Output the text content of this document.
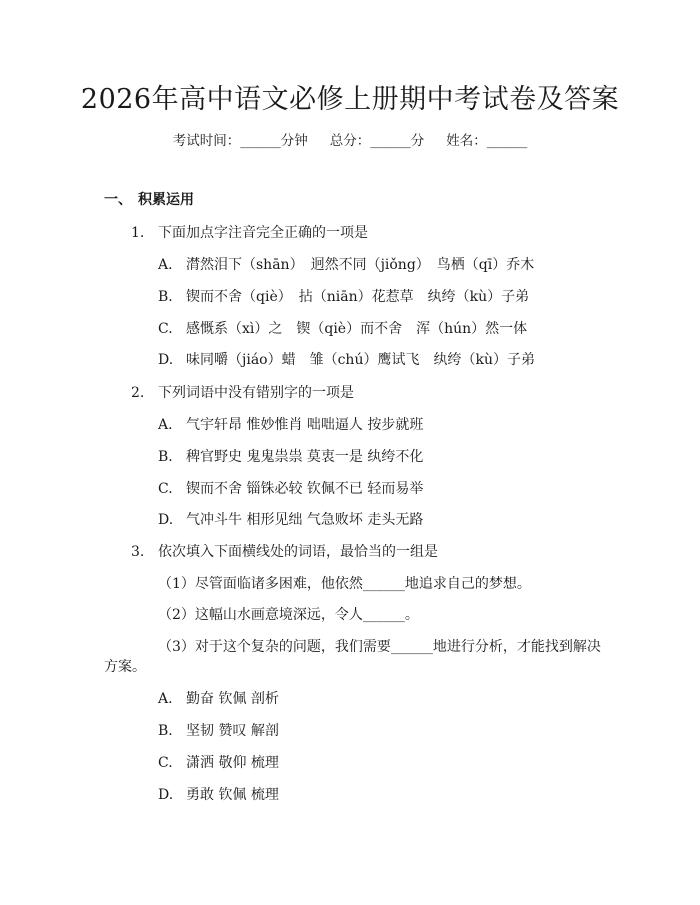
2026年高中语文必修上册期中考试卷及答案
考试时间：______分钟 总分：______分 姓名：______
一、 积累运用
1. 下面加点字注音完全正确的一项是
A. 潸然泪下（shān）　迥然不同（jiǒng）　鸟栖（qī）乔木
B. 锲而不舍（qiè）　拈（niān）花惹草　纨绔（kù）子弟
C. 感慨系（xì）之　锲（qiè）而不舍　浑（hún）然一体
D. 味同嚼（jiáo）蜡　雏（chú）鹰试飞　纨绔（kù）子弟
2. 下列词语中没有错别字的一项是
A. 气宇轩昂 惟妙惟肖 咄咄逼人 按步就班
B. 稗官野史 鬼鬼祟祟 莫衷一是 纨绔不化
C. 锲而不舍 锱铢必较 钦佩不已 轻而易举
D. 气冲斗牛 相形见绌 气急败坏 走头无路
3. 依次填入下面横线处的词语，最恰当的一组是
（1）尽管面临诸多困难，他依然______地追求自己的梦想。
（2）这幅山水画意境深远，令人______。
（3）对于这个复杂的问题，我们需要______地进行分析，才能找到解决
方案。
A. 勤奋 钦佩 剖析
B. 坚韧 赞叹 解剖
C. 潇洒 敬仰 梳理
D. 勇敢 钦佩 梳理
